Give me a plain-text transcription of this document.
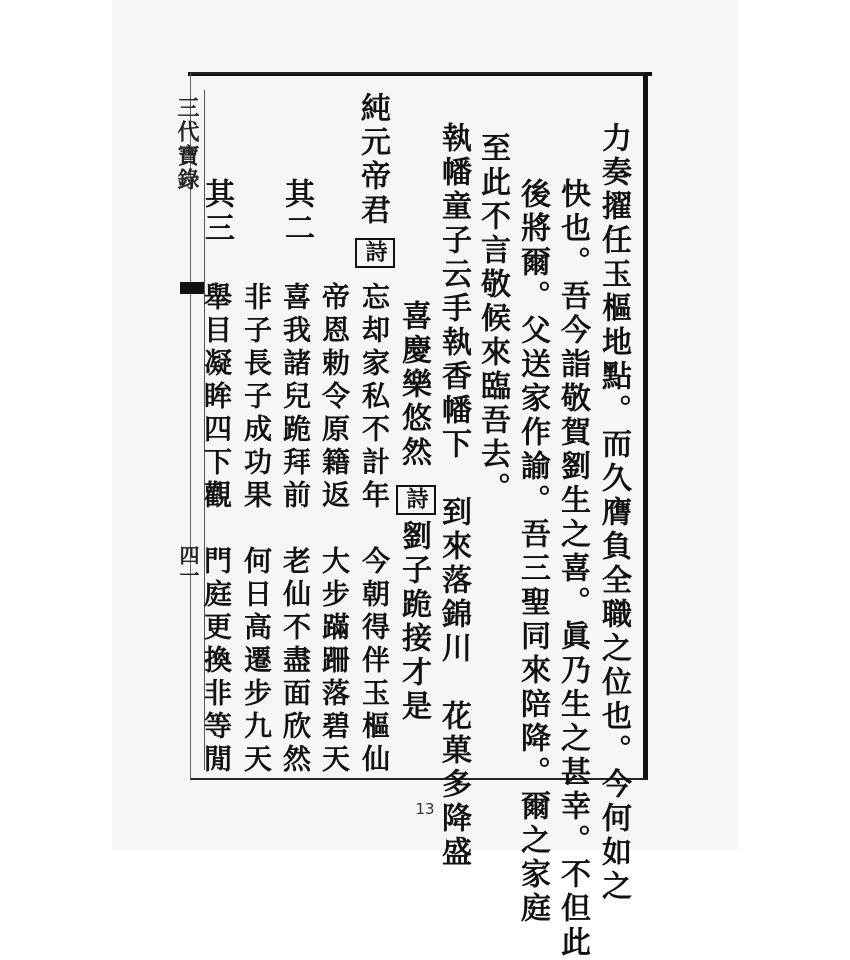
三代寶錄
四一	力奏擢任玉樞地點。而久膺負全職之位也。今何如之
快也。吾今詣敬賀劉生之喜。眞乃生之甚幸。不但此
後將爾。父送家作諭。吾三聖同來陪降。爾之家庭
至此不言敬候來臨吾去。
執幡童子云手執香幡下　到來落錦川　花菓多降盛
喜慶樂悠然
詩
劉子跪接才是
純元帝君
詩
忘却家私不計年　今朝得伴玉樞仙
帝恩勅令原籍返　大步蹣跚落碧天
其二
喜我諸兒跪拜前　老仙不盡面欣然
非子長子成功果　何日高遷步九天
其三
舉目凝眸四下觀　門庭更換非等閒
13
